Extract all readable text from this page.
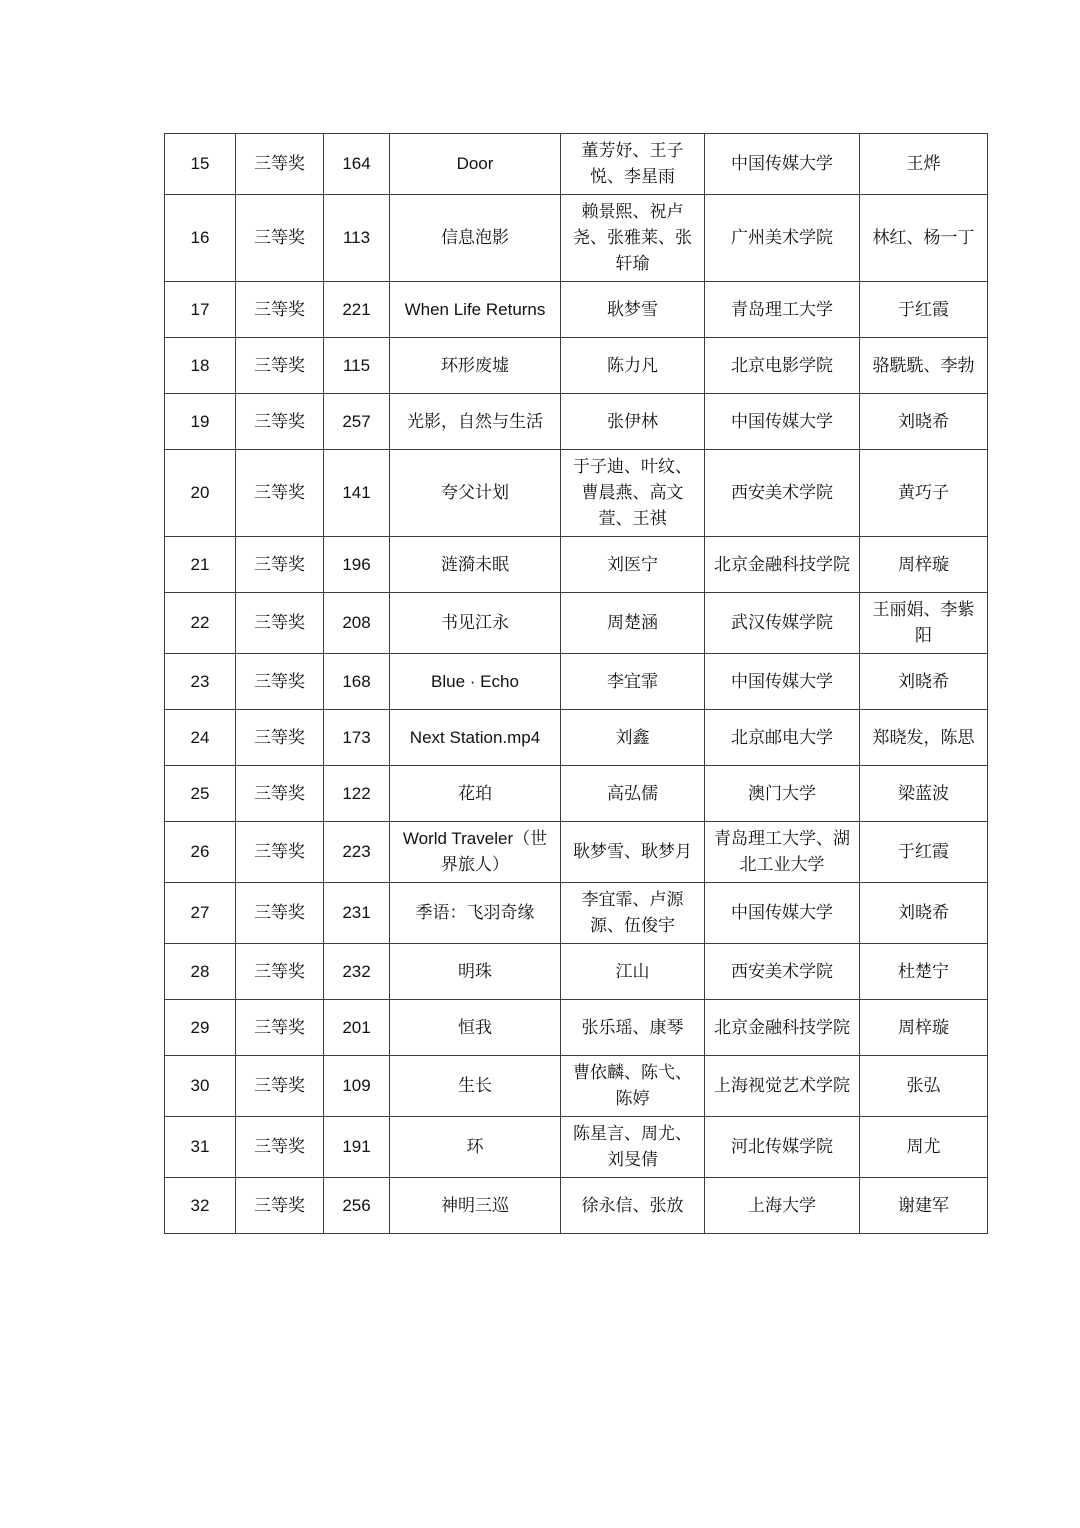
15	三等奖	164	Door	董芳妤、王子悦、李星雨	中国传媒大学	王烨
16	三等奖	113	信息泡影	赖景熙、祝卢尧、张雅莱、张轩瑜	广州美术学院	林红、杨一丁
17	三等奖	221	When Life Returns	耿梦雪	青岛理工大学	于红霞
18	三等奖	115	环形废墟	陈力凡	北京电影学院	骆駪駪、李勃
19	三等奖	257	光影，自然与生活	张伊林	中国传媒大学	刘晓希
20	三等奖	141	夸父计划	于子迪、叶纹、曹晨燕、高文萱、王祺	西安美术学院	黄巧子
21	三等奖	196	涟漪未眠	刘医宁	北京金融科技学院	周梓璇
22	三等奖	208	书见江永	周楚涵	武汉传媒学院	王丽娟、李紫阳
23	三等奖	168	Blue · Echo	李宜霏	中国传媒大学	刘晓希
24	三等奖	173	Next Station.mp4	刘鑫	北京邮电大学	郑晓发，陈思
25	三等奖	122	花珀	高弘儒	澳门大学	梁蓝波
26	三等奖	223	World Traveler（世界旅人）	耿梦雪、耿梦月	青岛理工大学、湖北工业大学	于红霞
27	三等奖	231	季语：飞羽奇缘	李宜霏、卢源源、伍俊宇	中国传媒大学	刘晓希
28	三等奖	232	明珠	江山	西安美术学院	杜楚宁
29	三等奖	201	恒我	张乐瑶、康琴	北京金融科技学院	周梓璇
30	三等奖	109	生长	曹依麟、陈弋、陈婷	上海视觉艺术学院	张弘
31	三等奖	191	环	陈星言、周尤、刘旻倩	河北传媒学院	周尤
32	三等奖	256	神明三巡	徐永信、张放	上海大学	谢建军
